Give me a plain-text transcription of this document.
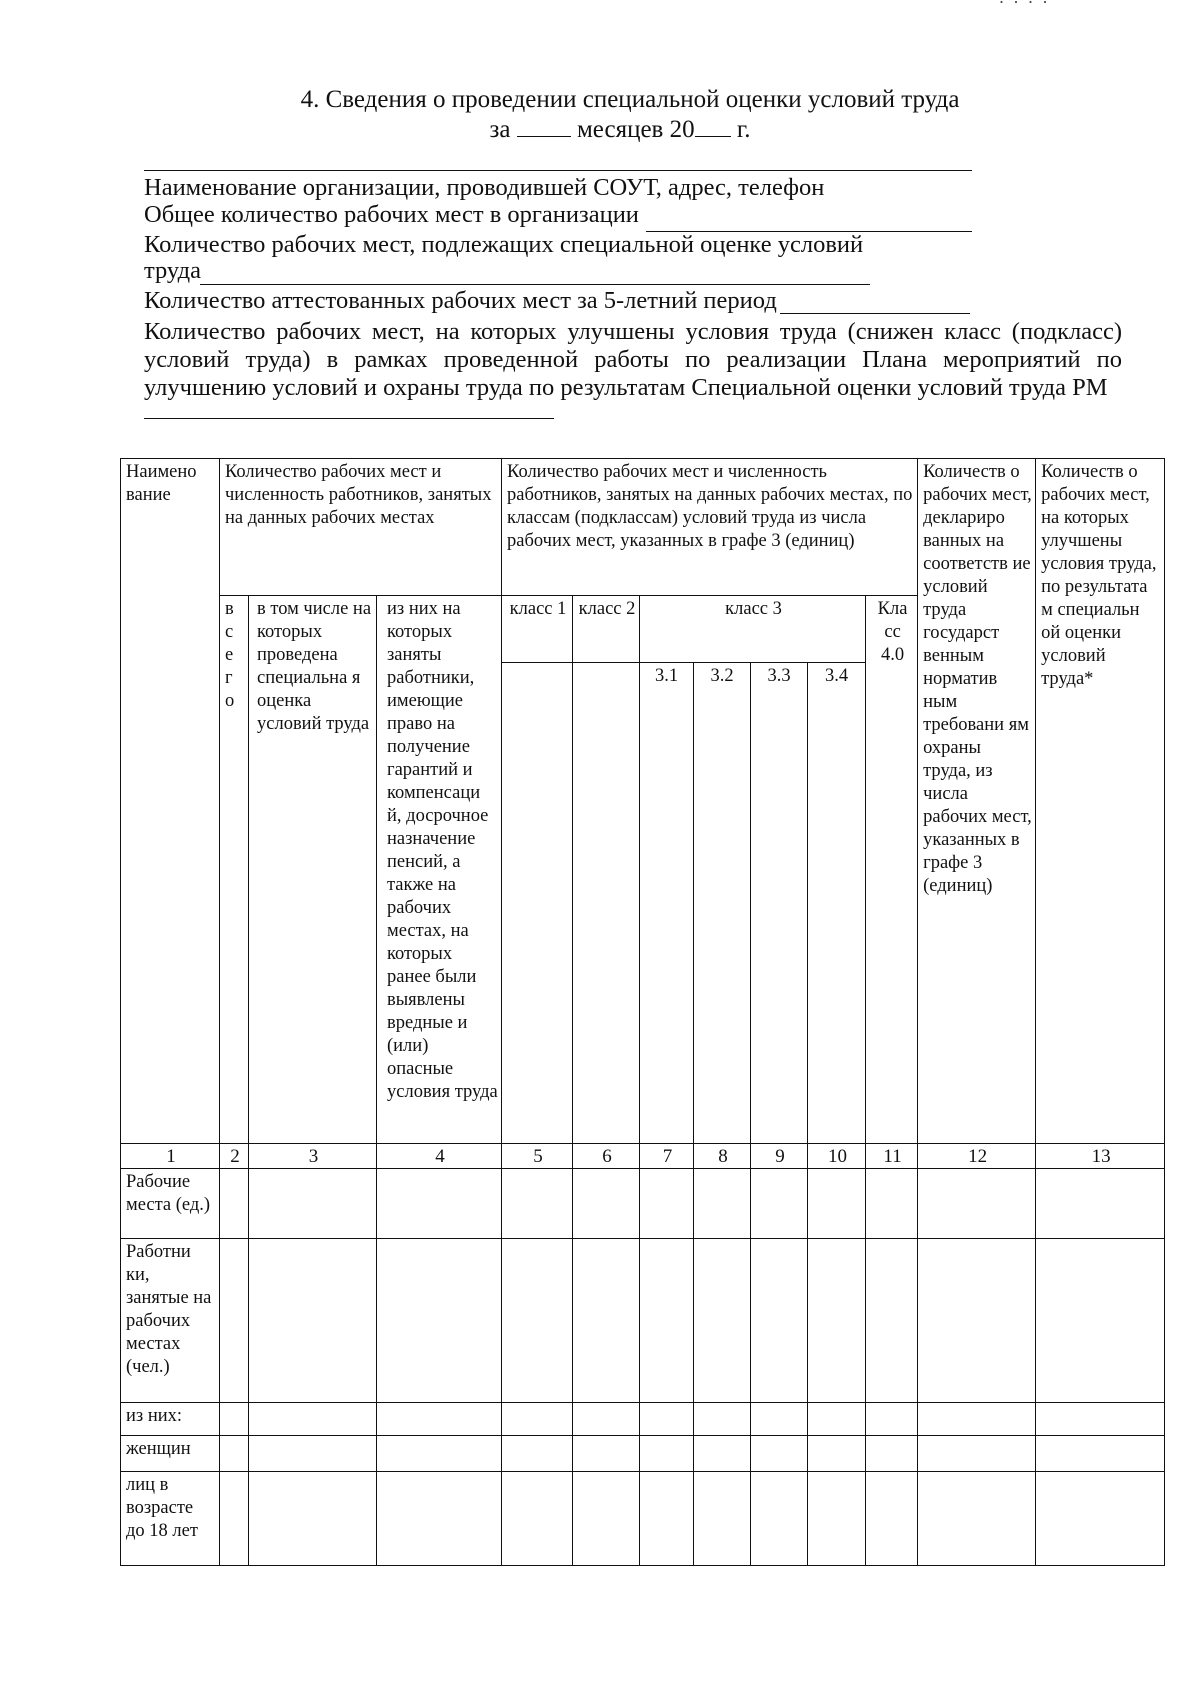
· · · ·
4. Сведения о проведении специальной оценки условий труда
за	месяцев 20 г.
Наименование организации, проводившей СОУТ, адрес, телефон
Общее количество рабочих мест в организации
Количество рабочих мест, подлежащих специальной оценке условий
труда
Количество аттестованных рабочих мест за 5-летний период
Количество рабочих мест, на которых улучшены условия труда (снижен класс (подкласс) условий труда) в рамках проведенной работы по реализации Плана мероприятий по улучшению условий и охраны труда по результатам Специальной оценки условий труда РМ
Наимено вание	Количество рабочих мест и численность работников, занятых на данных рабочих местах			Количество рабочих мест и численность работников, занятых на данных рабочих местах, по классам (подклассам) условий труда из числа рабочих мест, указанных в графе 3 (единиц)							Количеств о рабочих мест, деклариро ванных на соответств ие условий труда государст венным норматив ным требовани ям охраны труда, из числа рабочих мест, указанных в графе 3 (единиц)	Количеств о рабочих мест, на которых улучшены условия труда, по результата м специальн ой оценки условий труда*
	в с е г о	в том числе на которых проведена специальна я оценка условий труда	из них на которых заняты работники, имеющие право на получение гарантий и компенсаци й, досрочное назначение пенсий, а также на рабочих местах, на которых ранее были выявлены вредные и (или) опасные условия труда	класс 1	класс 2	класс 3				Кла сс 4.0		
						3.1	3.2	3.3	3.4			
1	2	3	4	5	6	7	8	9	10	11	12	13
Рабочие места (ед.)												
Работни ки, занятые на рабочих местах (чел.)												
из них:												
женщин												
лиц в возрасте до 18 лет												
